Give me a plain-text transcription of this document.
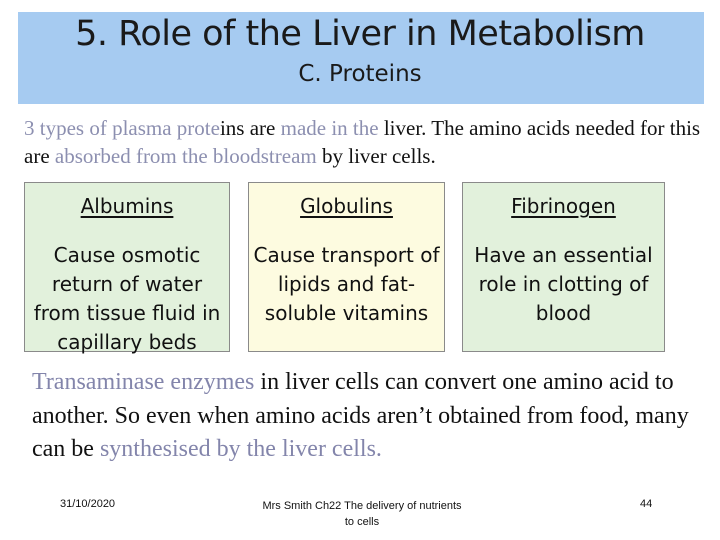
5. Role of the Liver in Metabolism
C. Proteins
3 types of plasma proteins are made in the liver. The amino acids needed for this are absorbed from the bloodstream by liver cells.
Albumins
Cause osmotic return of water from tissue fluid in capillary beds
Globulins
Cause transport of lipids and fat-soluble vitamins
Fibrinogen
Have an essential role in clotting of blood
Transaminase enzymes in liver cells can convert one amino acid to another. So even when amino acids aren’t obtained from food, many can be synthesised by the liver cells.
31/10/2020	Mrs Smith Ch22 The delivery of nutrients to cells
44
